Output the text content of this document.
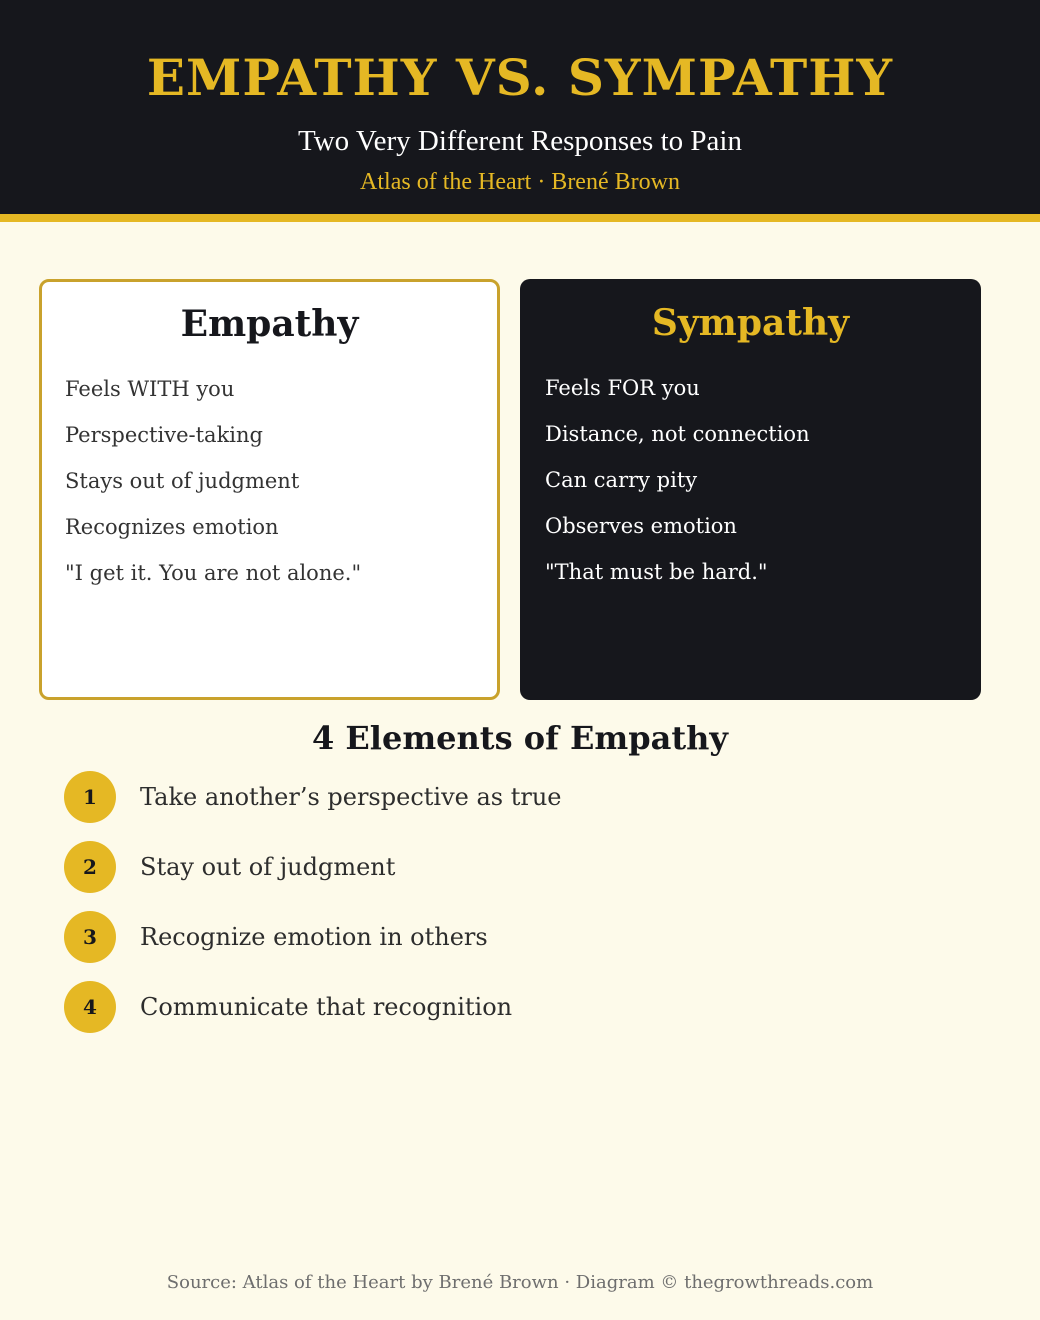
EMPATHY VS. SYMPATHY
Two Very Different Responses to Pain
Atlas of the Heart · Brené Brown
Empathy
Feels WITH you
Perspective-taking
Stays out of judgment
Recognizes emotion
"I get it. You are not alone."
Sympathy
Feels FOR you
Distance, not connection
Can carry pity
Observes emotion
"That must be hard."
4 Elements of Empathy
1	Take another’s perspective as true
2	Stay out of judgment
3	Recognize emotion in others
4	Communicate that recognition
Source: Atlas of the Heart by Brené Brown · Diagram © thegrowthreads.com
